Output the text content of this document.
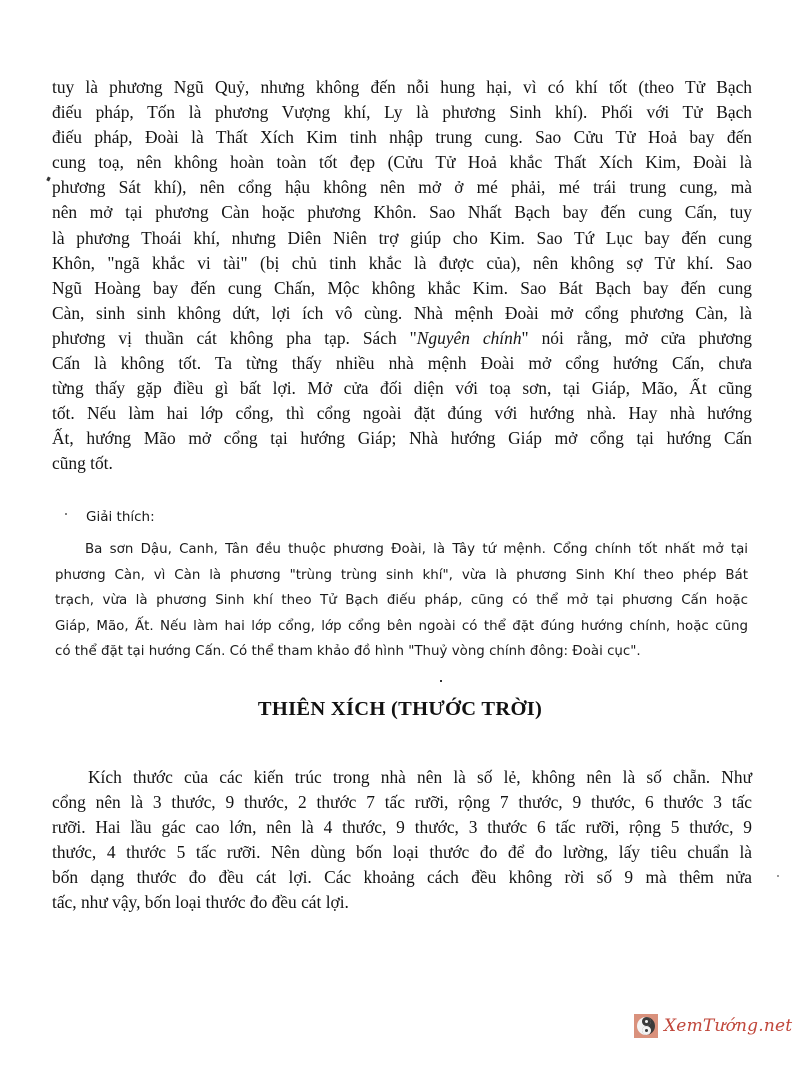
tuy là phương Ngũ Quỷ, nhưng không đến nỗi hung hại, vì có khí tốt (theo Tử Bạch
điếu pháp, Tốn là phương Vượng khí, Ly là phương Sinh khí). Phối với Tử Bạch
điếu pháp, Đoài là Thất Xích Kim tinh nhập trung cung. Sao Cửu Tử Hoả bay đến
cung toạ, nên không hoàn toàn tốt đẹp (Cửu Tử Hoả khắc Thất Xích Kim, Đoài là
phương Sát khí), nên cổng hậu không nên mở ở mé phải, mé trái trung cung, mà
nên mở tại phương Càn hoặc phương Khôn. Sao Nhất Bạch bay đến cung Cấn, tuy
là phương Thoái khí, nhưng Diên Niên trợ giúp cho Kim. Sao Tứ Lục bay đến cung
Khôn, "ngã khắc vi tài" (bị chủ tinh khắc là được của), nên không sợ Tử khí. Sao
Ngũ Hoàng bay đến cung Chấn, Mộc không khắc Kim. Sao Bát Bạch bay đến cung
Càn, sinh sinh không dứt, lợi ích vô cùng. Nhà mệnh Đoài mở cổng phương Càn, là
phương vị thuần cát không pha tạp. Sách "Nguyên chính" nói rằng, mở cửa phương
Cấn là không tốt. Ta từng thấy nhiều nhà mệnh Đoài mở cổng hướng Cấn, chưa
từng thấy gặp điều gì bất lợi. Mở cửa đối diện với toạ sơn, tại Giáp, Mão, Ất cũng
tốt. Nếu làm hai lớp cổng, thì cổng ngoài đặt đúng với hướng nhà. Hay nhà hướng
Ất, hướng Mão mở cổng tại hướng Giáp; Nhà hướng Giáp mở cổng tại hướng Cấn
cũng tốt.

Giải thích:

Ba sơn Dậu, Canh, Tân đều thuộc phương Đoài, là Tây tứ mệnh. Cổng chính tốt nhất mở tại
phương Càn, vì Càn là phương "trùng trùng sinh khí", vừa là phương Sinh Khí theo phép Bát
trạch, vừa là phương Sinh khí theo Tử Bạch điếu pháp, cũng có thể mở tại phương Cấn hoặc
Giáp, Mão, Ất. Nếu làm hai lớp cổng, lớp cổng bên ngoài có thể đặt đúng hướng chính, hoặc cũng
có thể đặt tại hướng Cấn. Có thể tham khảo đồ hình "Thuỷ vòng chính đông: Đoài cục".
THIÊN XÍCH (THƯỚC TRỜI)
Kích thước của các kiến trúc trong nhà nên là số lẻ, không nên là số chẵn. Như
cổng nên là 3 thước, 9 thước, 2 thước 7 tấc rưỡi, rộng 7 thước, 9 thước, 6 thước 3 tấc
rưỡi. Hai lầu gác cao lớn, nên là 4 thước, 9 thước, 3 thước 6 tấc rưỡi, rộng 5 thước, 9
thước, 4 thước 5 tấc rưỡi. Nên dùng bốn loại thước đo để đo lường, lấy tiêu chuẩn là
bốn dạng thước đo đều cát lợi. Các khoảng cách đều không rời số 9 mà thêm nửa
tấc, như vậy, bốn loại thước đo đều cát lợi.
XemTướng.net
